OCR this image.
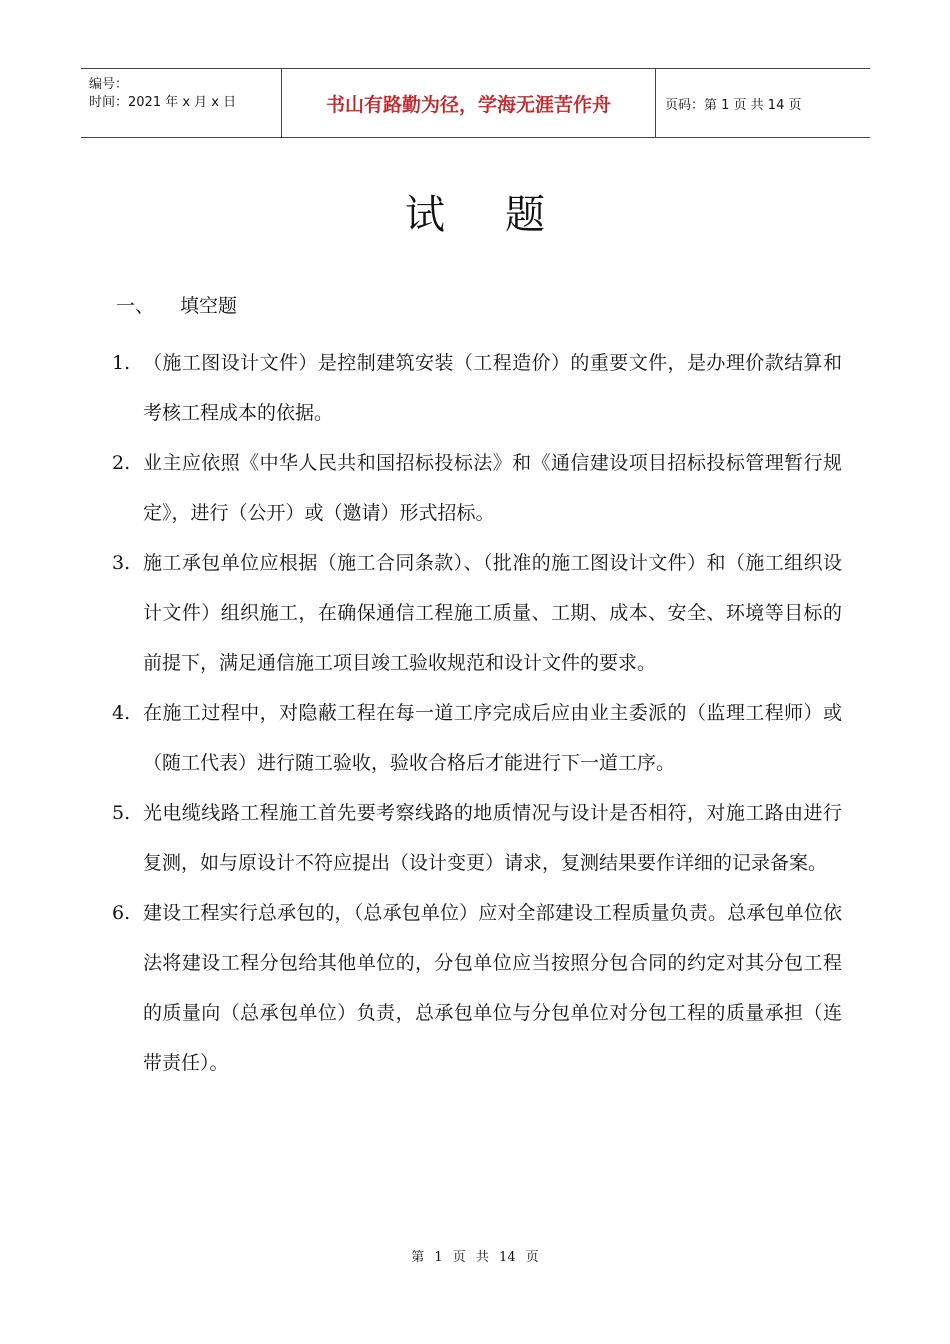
编号：
时间：2021 年 x 月 x 日	书山有路勤为径，学海无涯苦作舟	页码：第 1 页 共 14 页
试题
一、 填空题
1. （施工图设计文件）是控制建筑安装（工程造价）的重要文件，是办理价款结算和考核工程成本的依据。
2. 业主应依照《中华人民共和国招标投标法》和《通信建设项目招标投标管理暂行规定》，进行（公开）或（邀请）形式招标。
3. 施工承包单位应根据（施工合同条款）、（批准的施工图设计文件）和（施工组织设计文件）组织施工，在确保通信工程施工质量、工期、成本、安全、环境等目标的前提下，满足通信施工项目竣工验收规范和设计文件的要求。
4. 在施工过程中，对隐蔽工程在每一道工序完成后应由业主委派的（监理工程师）或（随工代表）进行随工验收，验收合格后才能进行下一道工序。
5. 光电缆线路工程施工首先要考察线路的地质情况与设计是否相符，对施工路由进行复测，如与原设计不符应提出（设计变更）请求，复测结果要作详细的记录备案。
6. 建设工程实行总承包的，（总承包单位）应对全部建设工程质量负责。总承包单位依法将建设工程分包给其他单位的，分包单位应当按照分包合同的约定对其分包工程的质量向（总承包单位）负责，总承包单位与分包单位对分包工程的质量承担（连带责任）。
第 1 页 共 14 页
